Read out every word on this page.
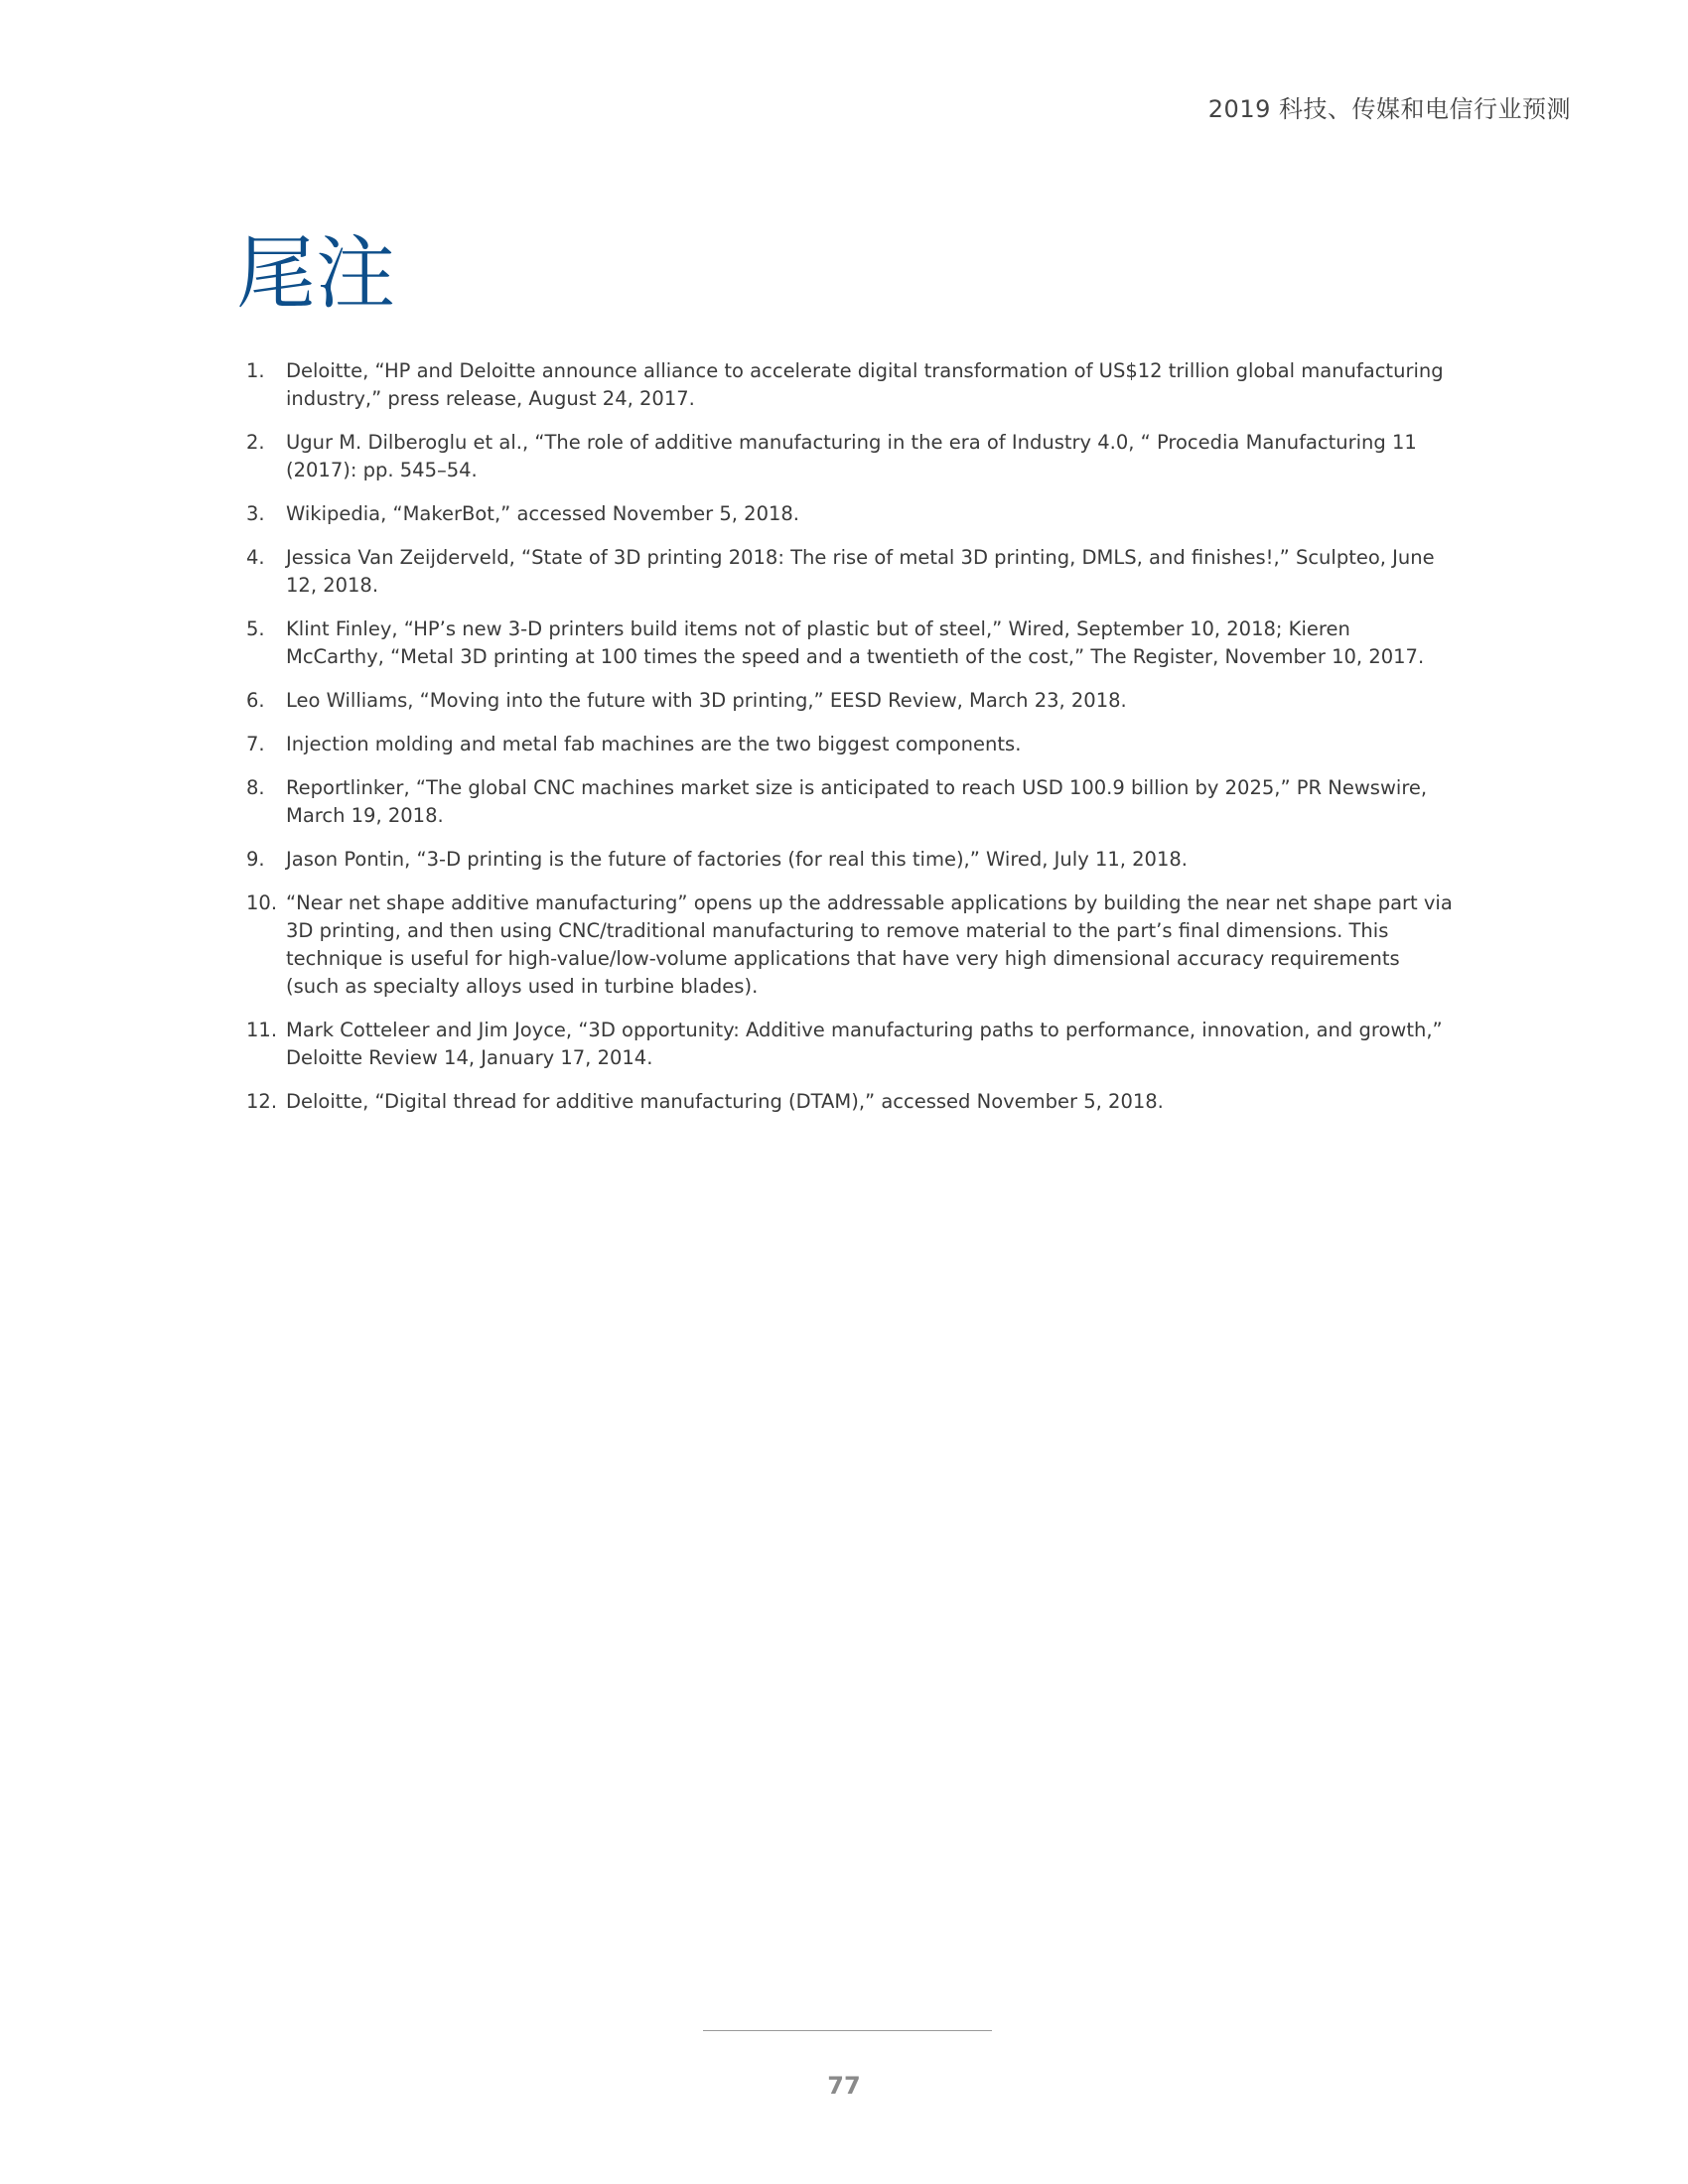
2019 科技、传媒和电信行业预测
尾注
1. Deloitte, “HP and Deloitte announce alliance to accelerate digital transformation of US$12 trillion global manufacturing industry,” press release, August 24, 2017.
2. Ugur M. Dilberoglu et al., “The role of additive manufacturing in the era of Industry 4.0, “ Procedia Manufacturing 11 (2017): pp. 545–54.
3. Wikipedia, “MakerBot,” accessed November 5, 2018.
4. Jessica Van Zeijderveld, “State of 3D printing 2018: The rise of metal 3D printing, DMLS, and finishes!,” Sculpteo, June 12, 2018.
5. Klint Finley, “HP’s new 3-D printers build items not of plastic but of steel,” Wired, September 10, 2018; Kieren McCarthy, “Metal 3D printing at 100 times the speed and a twentieth of the cost,” The Register, November 10, 2017.
6. Leo Williams, “Moving into the future with 3D printing,” EESD Review, March 23, 2018.
7. Injection molding and metal fab machines are the two biggest components.
8. Reportlinker, “The global CNC machines market size is anticipated to reach USD 100.9 billion by 2025,” PR Newswire, March 19, 2018.
9. Jason Pontin, “3-D printing is the future of factories (for real this time),” Wired, July 11, 2018.
10. “Near net shape additive manufacturing” opens up the addressable applications by building the near net shape part via 3D printing, and then using CNC/traditional manufacturing to remove material to the part’s final dimensions. This technique is useful for high-value/low-volume applications that have very high dimensional accuracy requirements (such as specialty alloys used in turbine blades).
11. Mark Cotteleer and Jim Joyce, “3D opportunity: Additive manufacturing paths to performance, innovation, and growth,” Deloitte Review 14, January 17, 2014.
12. Deloitte, “Digital thread for additive manufacturing (DTAM),” accessed November 5, 2018.
77
